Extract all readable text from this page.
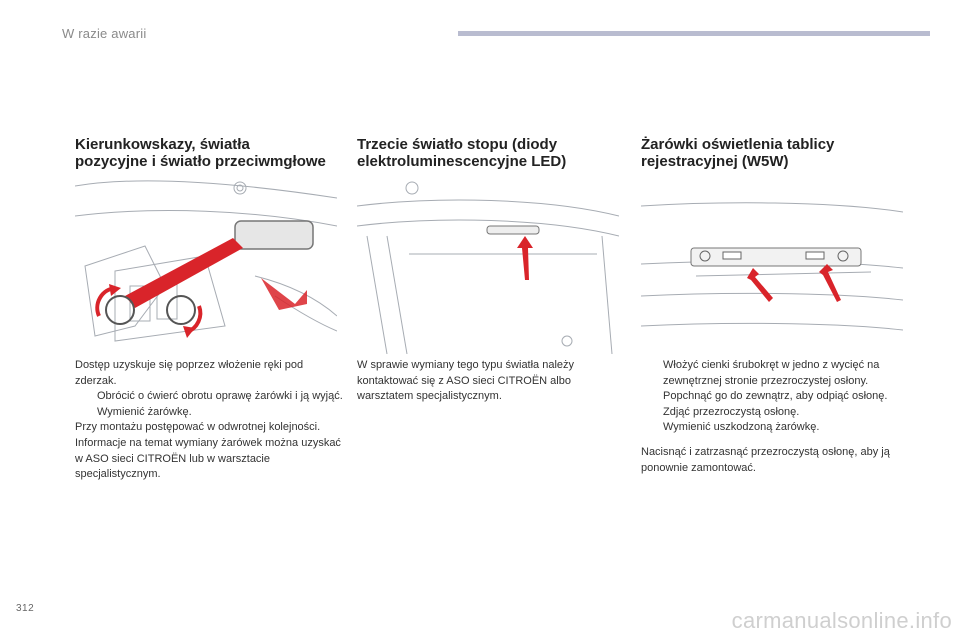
W razie awarii
Kierunkowskazy, światła
pozycyjne i światło przeciwmgłowe
Trzecie światło stopu (diody
elektroluminescencyjne LED)
Żarówki oświetlenia tablicy
rejestracyjnej (W5W)

Dostęp uzyskuje się poprzez włożenie ręki pod zderzak.

Obrócić o ćwierć obrotu oprawę żarówki i ją wyjąć.
Wymienić żarówkę.

Przy montażu postępować w odwrotnej kolejności.

Informacje na temat wymiany żarówek można uzyskać w ASO sieci CITROËN lub w warsztacie specjalistycznym.

W sprawie wymiany tego typu światła należy kontaktować się z ASO sieci CITROËN albo warsztatem specjalistycznym.

Włożyć cienki śrubokręt w jedno z wycięć na zewnętrznej stronie przezroczystej osłony.
Popchnąć go do zewnątrz, aby odpiąć osłonę.
Zdjąć przezroczystą osłonę.
Wymienić uszkodzoną żarówkę.

Nacisnąć i zatrzasnąć przezroczystą osłonę, aby ją ponownie zamontować.

312	carmanualsonline.info
